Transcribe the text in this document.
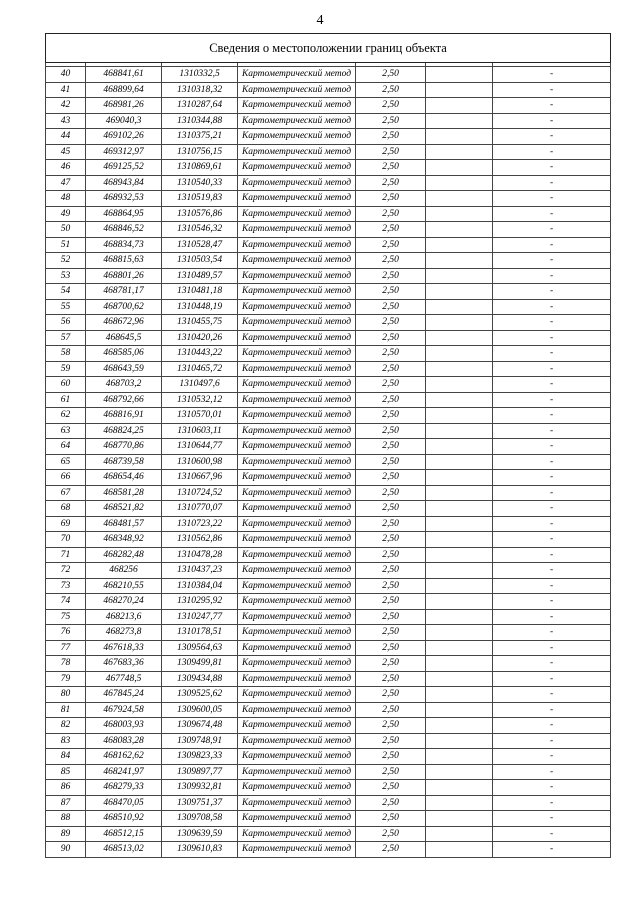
4
Сведения о местоположении границ объекта						

40	468841,61	1310332,5	Картометрический метод	2,50		-
41	468899,64	1310318,32	Картометрический метод	2,50		-
42	468981,26	1310287,64	Картометрический метод	2,50		-
43	469040,3	1310344,88	Картометрический метод	2,50		-
44	469102,26	1310375,21	Картометрический метод	2,50		-
45	469312,97	1310756,15	Картометрический метод	2,50		-
46	469125,52	1310869,61	Картометрический метод	2,50		-
47	468943,84	1310540,33	Картометрический метод	2,50		-
48	468932,53	1310519,83	Картометрический метод	2,50		-
49	468864,95	1310576,86	Картометрический метод	2,50		-
50	468846,52	1310546,32	Картометрический метод	2,50		-
51	468834,73	1310528,47	Картометрический метод	2,50		-
52	468815,63	1310503,54	Картометрический метод	2,50		-
53	468801,26	1310489,57	Картометрический метод	2,50		-
54	468781,17	1310481,18	Картометрический метод	2,50		-
55	468700,62	1310448,19	Картометрический метод	2,50		-
56	468672,96	1310455,75	Картометрический метод	2,50		-
57	468645,5	1310420,26	Картометрический метод	2,50		-
58	468585,06	1310443,22	Картометрический метод	2,50		-
59	468643,59	1310465,72	Картометрический метод	2,50		-
60	468703,2	1310497,6	Картометрический метод	2,50		-
61	468792,66	1310532,12	Картометрический метод	2,50		-
62	468816,91	1310570,01	Картометрический метод	2,50		-
63	468824,25	1310603,11	Картометрический метод	2,50		-
64	468770,86	1310644,77	Картометрический метод	2,50		-
65	468739,58	1310600,98	Картометрический метод	2,50		-
66	468654,46	1310667,96	Картометрический метод	2,50		-
67	468581,28	1310724,52	Картометрический метод	2,50		-
68	468521,82	1310770,07	Картометрический метод	2,50		-
69	468481,57	1310723,22	Картометрический метод	2,50		-
70	468348,92	1310562,86	Картометрический метод	2,50		-
71	468282,48	1310478,28	Картометрический метод	2,50		-
72	468256	1310437,23	Картометрический метод	2,50		-
73	468210,55	1310384,04	Картометрический метод	2,50		-
74	468270,24	1310295,92	Картометрический метод	2,50		-
75	468213,6	1310247,77	Картометрический метод	2,50		-
76	468273,8	1310178,51	Картометрический метод	2,50		-
77	467618,33	1309564,63	Картометрический метод	2,50		-
78	467683,36	1309499,81	Картометрический метод	2,50		-
79	467748,5	1309434,88	Картометрический метод	2,50		-
80	467845,24	1309525,62	Картометрический метод	2,50		-
81	467924,58	1309600,05	Картометрический метод	2,50		-
82	468003,93	1309674,48	Картометрический метод	2,50		-
83	468083,28	1309748,91	Картометрический метод	2,50		-
84	468162,62	1309823,33	Картометрический метод	2,50		-
85	468241,97	1309897,77	Картометрический метод	2,50		-
86	468279,33	1309932,81	Картометрический метод	2,50		-
87	468470,05	1309751,37	Картометрический метод	2,50		-
88	468510,92	1309708,58	Картометрический метод	2,50		-
89	468512,15	1309639,59	Картометрический метод	2,50		-
90	468513,02	1309610,83	Картометрический метод	2,50		-
